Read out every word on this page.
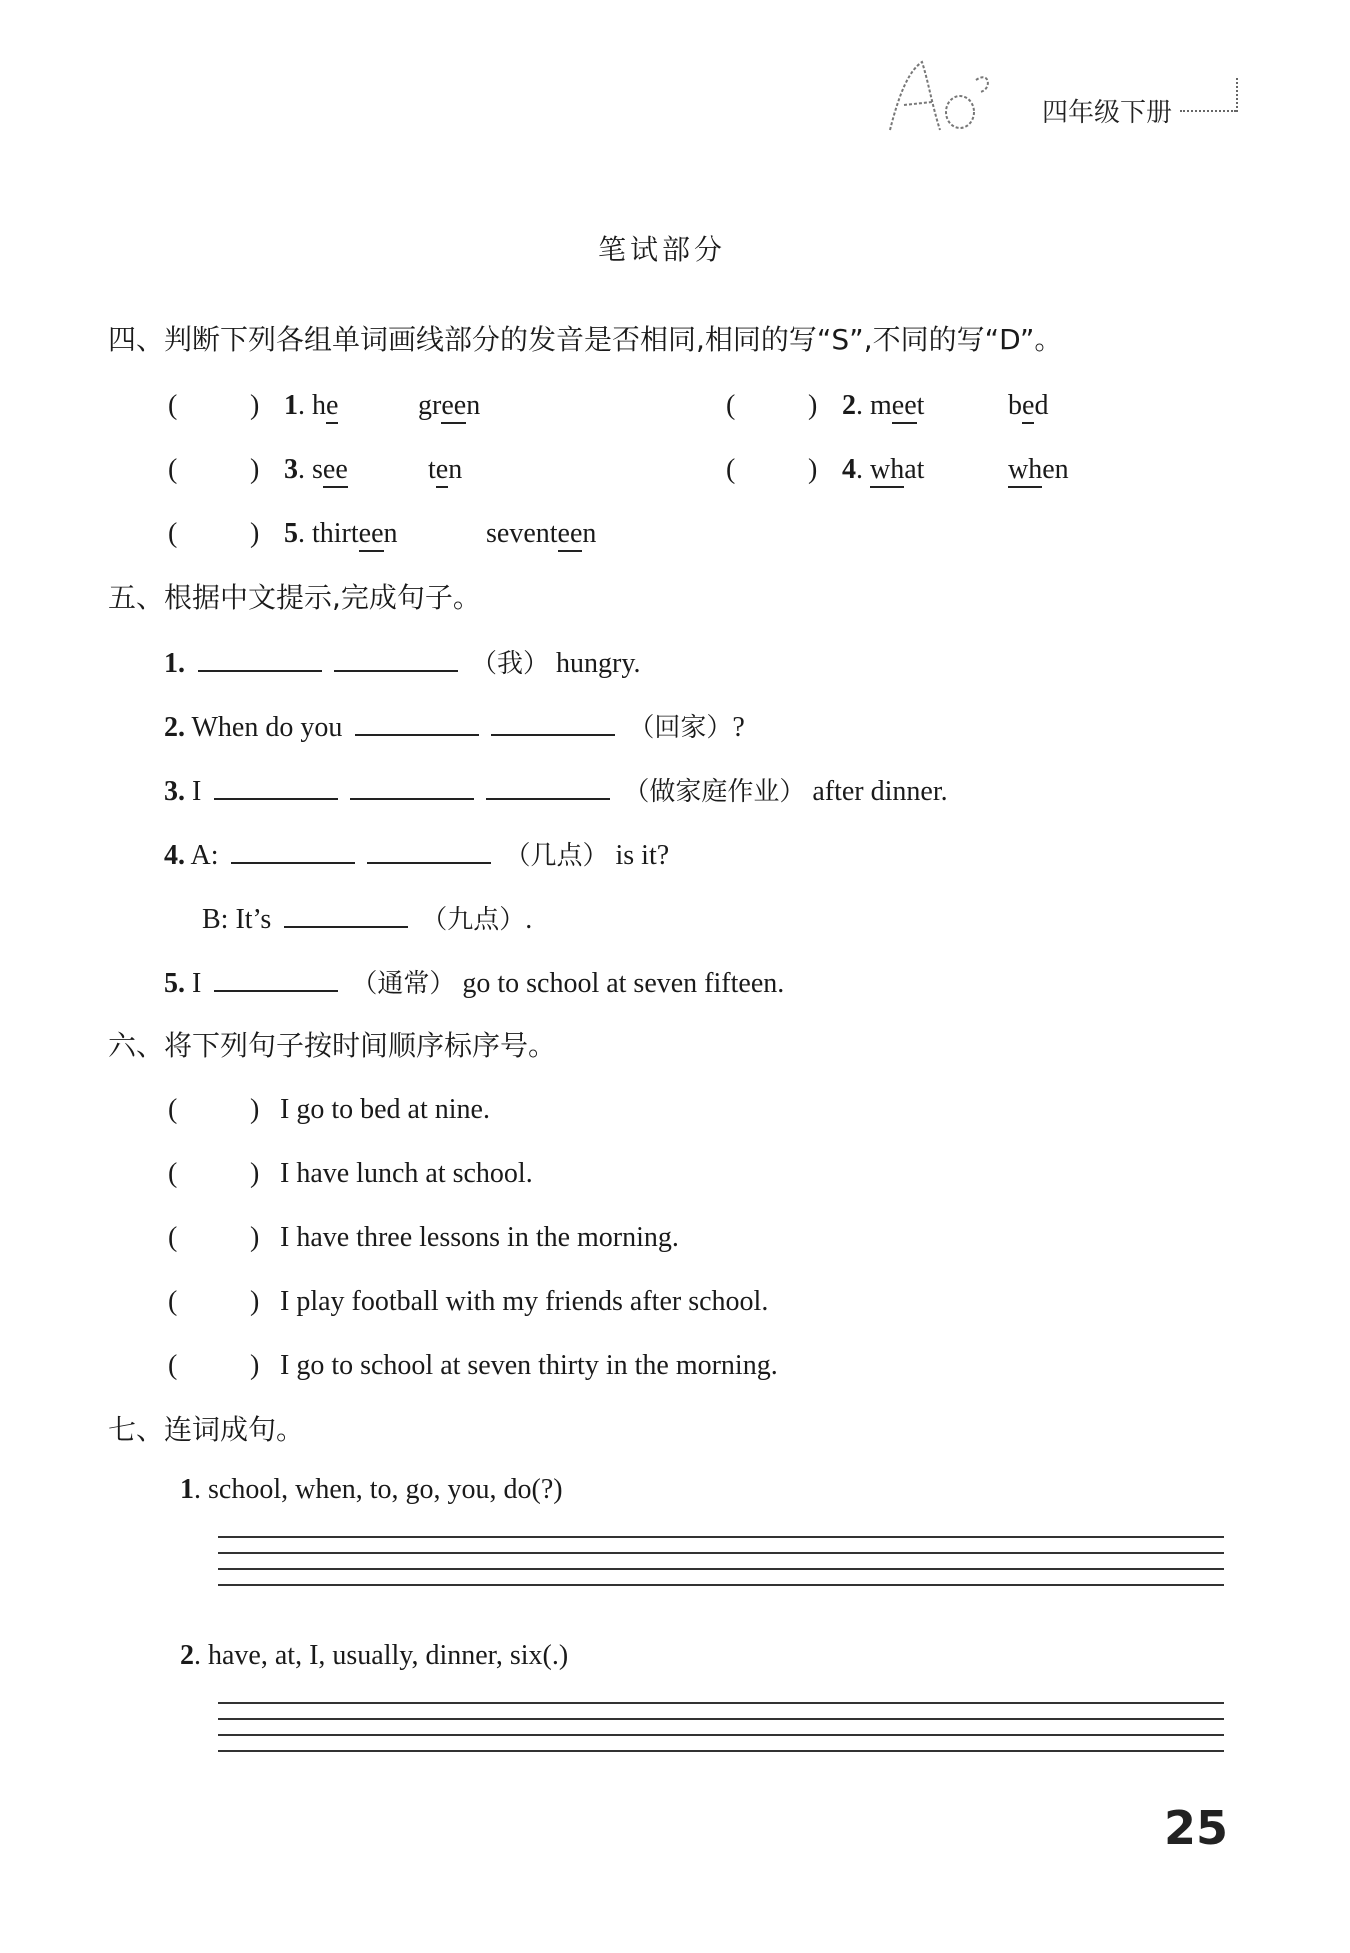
四年级下册
笔试部分
四、判断下列各组单词画线部分的发音是否相同,相同的写“S”,不同的写“D”。
(	) 1. he	green	(	) 2. meet	bed
(	) 3. see	ten	(	) 4. what	when
(	) 5. thirteen	seventeen
五、根据中文提示,完成句子。
1.	（我） hungry.
2. When do you	（回家）?
3. I	（做家庭作业） after dinner.
4. A:	（几点） is it?
B: It’s	（九点）.
5. I	（通常） go to school at seven fifteen.
六、将下列句子按时间顺序标序号。
(	) I go to bed at nine.
(	) I have lunch at school.
(	) I have three lessons in the morning.
(	) I play football with my friends after school.
(	) I go to school at seven thirty in the morning.
七、连词成句。
1. school, when, to, go, you, do(?)
2. have, at, I, usually, dinner, six(.)
25
